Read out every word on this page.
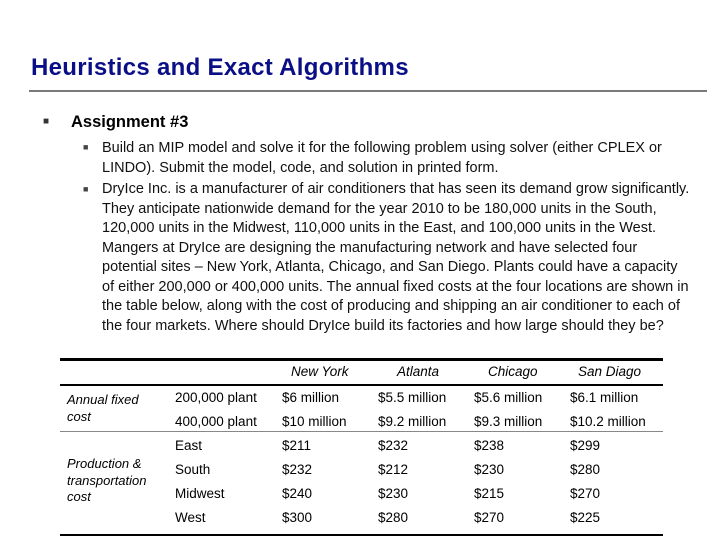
Heuristics and Exact Algorithms
■ Assignment #3
■ Build an MIP model and solve it for the following problem using solver (either CPLEX or LINDO). Submit the model, code, and solution in printed form.
■ DryIce Inc. is a manufacturer of air conditioners that has seen its demand grow significantly. They anticipate nationwide demand for the year 2010 to be 180,000 units in the South, 120,000 units in the Midwest, 110,000 units in the East, and 100,000 units in the West. Mangers at DryIce are designing the manufacturing network and have selected four potential sites – New York, Atlanta, Chicago, and San Diego. Plants could have a capacity of either 200,000 or 400,000 units. The annual fixed costs at the four locations are shown in the table below, along with the cost of producing and shipping an air conditioner to each of the four markets. Where should DryIce build its factories and how large should they be?
New York	Atlanta	Chicago	San Diago
Annual fixed cost
Production & transportation cost
200,000 plant $6 million	$5.5 million $5.6 million $6.1 million
400,000 plant $10 million $9.2 million $9.3 million $10.2 million
East	$211	$232	$238	$299
South	$232	$212	$230	$280
Midwest	$240	$230	$215	$270
West	$300	$280	$270	$225
